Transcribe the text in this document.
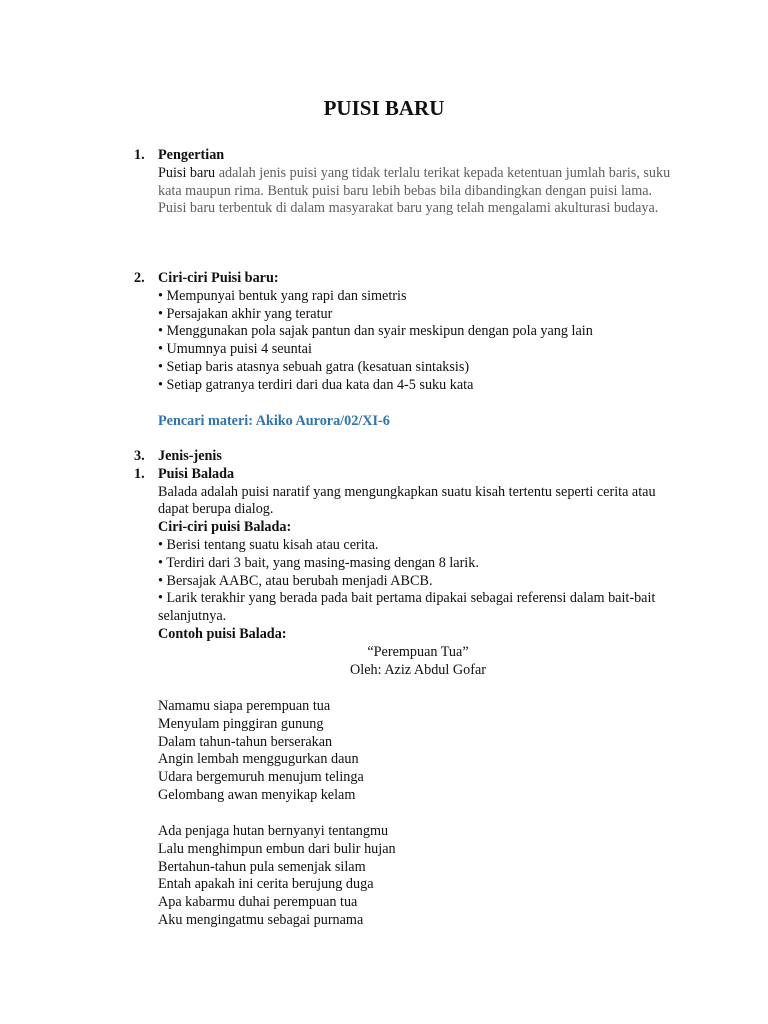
PUISI BARU
1. Pengertian
Puisi baru adalah jenis puisi yang tidak terlalu terikat kepada ketentuan jumlah baris, suku kata maupun rima. Bentuk puisi baru lebih bebas bila dibandingkan dengan puisi lama. Puisi baru terbentuk di dalam masyarakat baru yang telah mengalami akulturasi budaya.
2. Ciri-ciri Puisi baru:
• Mempunyai bentuk yang rapi dan simetris
• Persajakan akhir yang teratur
• Menggunakan pola sajak pantun dan syair meskipun dengan pola yang lain
• Umumnya puisi 4 seuntai
• Setiap baris atasnya sebuah gatra (kesatuan sintaksis)
• Setiap gatranya terdiri dari dua kata dan 4-5 suku kata
Pencari materi: Akiko Aurora/02/XI-6
3.
1.
Jenis-jenis
Puisi Balada
Balada adalah puisi naratif yang mengungkapkan suatu kisah tertentu seperti cerita atau dapat berupa dialog.
Ciri-ciri puisi Balada:
• Berisi tentang suatu kisah atau cerita.
• Terdiri dari 3 bait, yang masing-masing dengan 8 larik.
• Bersajak AABC, atau berubah menjadi ABCB.
• Larik terakhir yang berada pada bait pertama dipakai sebagai referensi dalam bait-bait selanjutnya.
Contoh puisi Balada:
“Perempuan Tua”
Oleh: Aziz Abdul Gofar
Namamu siapa perempuan tua
Menyulam pinggiran gunung
Dalam tahun-tahun berserakan
Angin lembah menggugurkan daun
Udara bergemuruh menujum telinga
Gelombang awan menyikap kelam
Ada penjaga hutan bernyanyi tentangmu
Lalu menghimpun embun dari bulir hujan
Bertahun-tahun pula semenjak silam
Entah apakah ini cerita berujung duga
Apa kabarmu duhai perempuan tua
Aku mengingatmu sebagai purnama
